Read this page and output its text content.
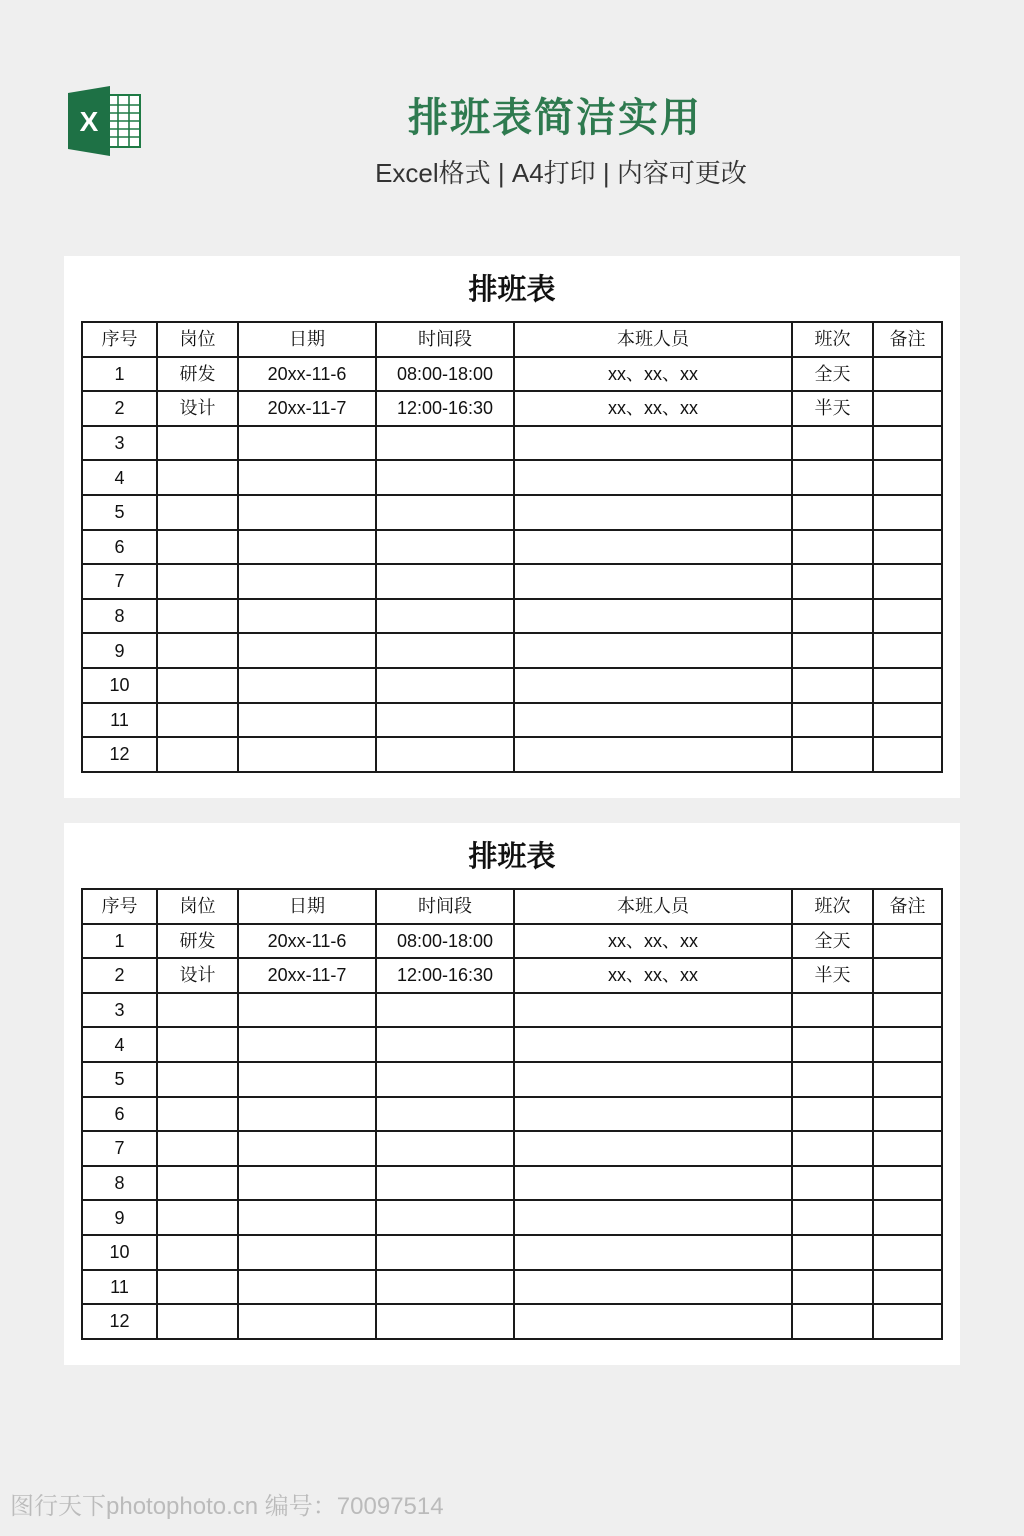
X	排班表简洁实用
Excel格式 | A4打印 | 内容可更改
排班表
序号	岗位	日期	时间段	本班人员	班次	备注
1	研发	20xx-11-6	08:00-18:00	xx、xx、xx	全天	
2	设计	20xx-11-7	12:00-16:30	xx、xx、xx	半天	
3						
4						
5						
6						
7						
8						
9						
10						
11						
12						
排班表
序号	岗位	日期	时间段	本班人员	班次	备注
1	研发	20xx-11-6	08:00-18:00	xx、xx、xx	全天	
2	设计	20xx-11-7	12:00-16:30	xx、xx、xx	半天	
3						
4						
5						
6						
7						
8						
9						
10						
11						
12						
图行天下photophoto.cn 编号：70097514
